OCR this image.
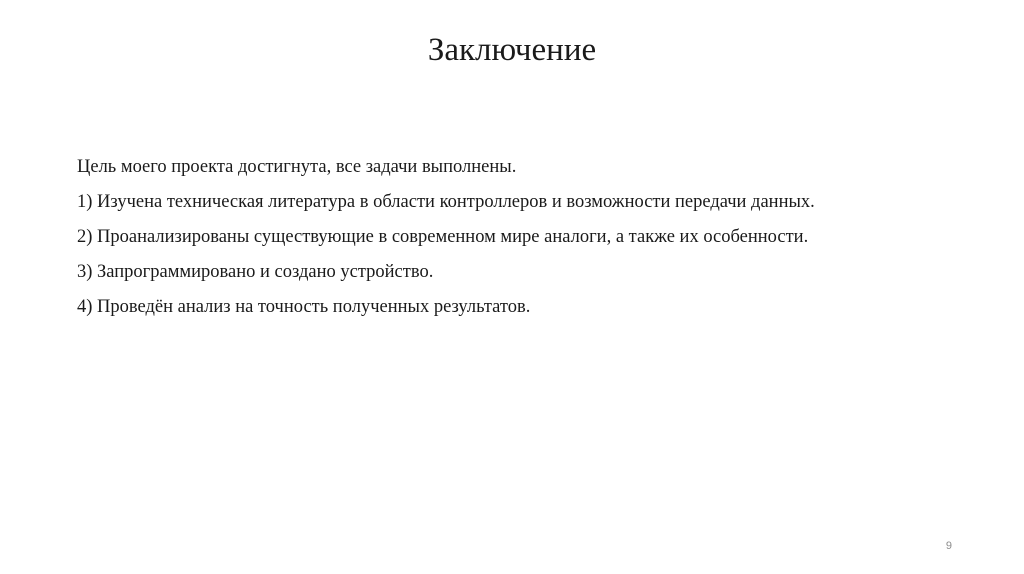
Заключение

Цель моего проекта достигнута, все задачи выполнены.

1) Изучена техническая литература в области контроллеров и возможности передачи данных.

2) Проанализированы существующие в современном мире аналоги, а также их особенности.

3) Запрограммировано и создано устройство.

4) Проведён анализ на точность полученных результатов.

9
